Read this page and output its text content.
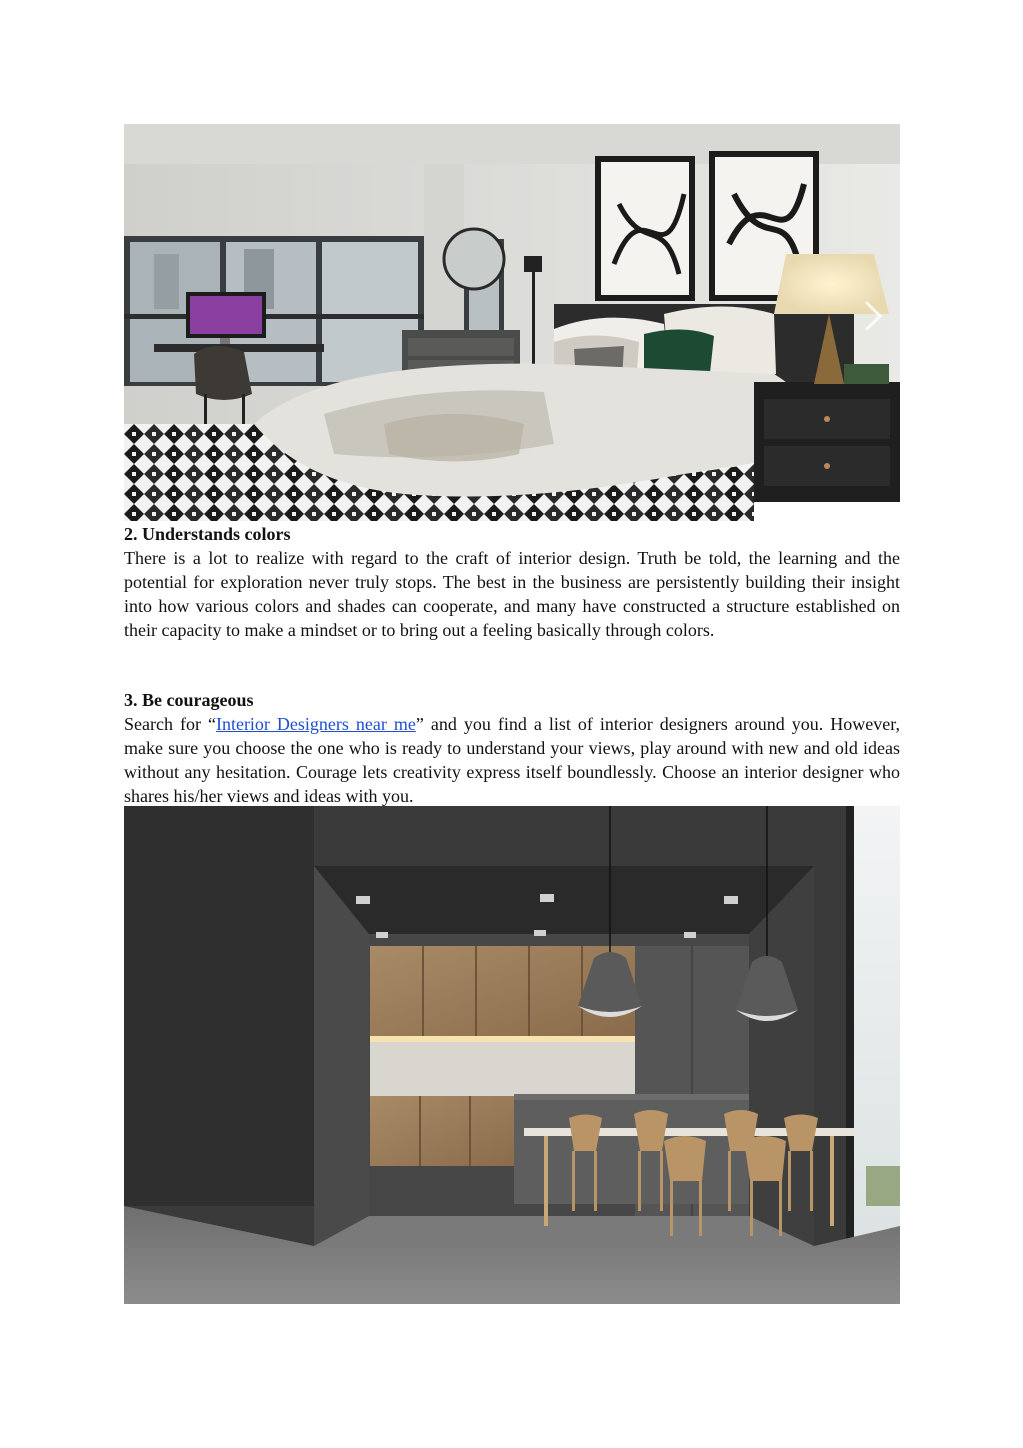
2. Understands colors

There is a lot to realize with regard to the craft of interior design. Truth be told, the learning and the potential for exploration never truly stops. The best in the business are persistently building their insight into how various colors and shades can cooperate, and many have constructed a structure established on their capacity to make a mindset or to bring out a feeling basically through colors.

3. Be courageous

Search for “Interior Designers near me” and you find a list of interior designers around you. However, make sure you choose the one who is ready to understand your views, play around with new and old ideas without any hesitation. Courage lets creativity express itself boundlessly. Choose an interior designer who shares his/her views and ideas with you.
